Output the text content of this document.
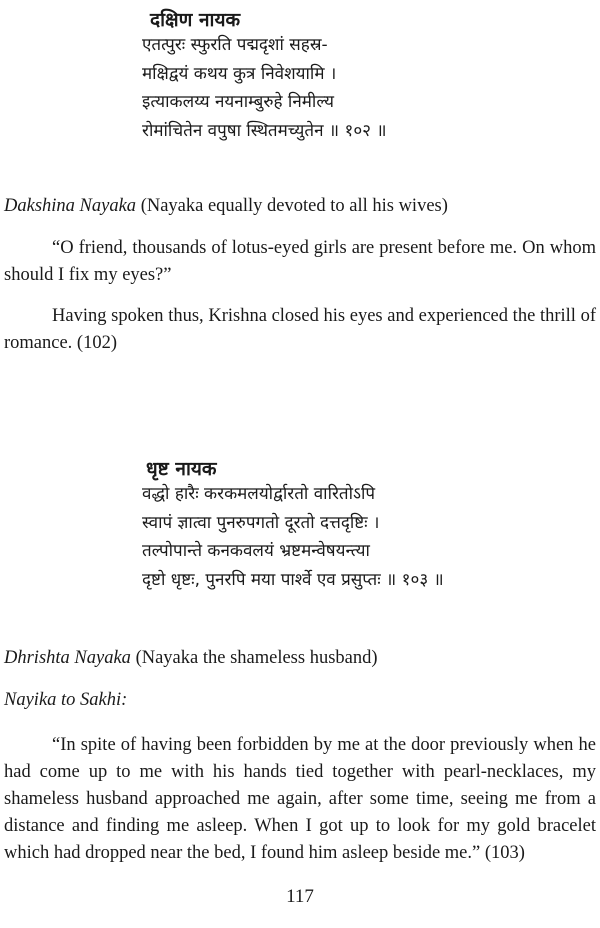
दक्षिण नायक
एतत्पुरः स्फुरति पद्मदृशां सहस्र-
मक्षिद्वयं कथय कुत्र निवेशयामि ।
इत्याकलय्य नयनाम्बुरुहे निमील्य
रोमांचितेन वपुषा स्थितमच्युतेन ॥ १०२ ॥
Dakshina Nayaka (Nayaka equally devoted to all his wives)
“O friend, thousands of lotus-eyed girls are present before me. On whom should I fix my eyes?”
Having spoken thus, Krishna closed his eyes and experienced the thrill of romance. (102)
धृष्ट नायक
वद्धो हारैः करकमलयोर्द्वारतो वारितोऽपि
स्वापं ज्ञात्वा पुनरुपगतो दूरतो दत्तदृष्टिः ।
तल्पोपान्ते कनकवलयं भ्रष्टमन्वेषयन्त्या
दृष्टो धृष्टः, पुनरपि मया पार्श्वे एव प्रसुप्तः ॥ १०३ ॥
Dhrishta Nayaka (Nayaka the shameless husband)
Nayika to Sakhi:
“In spite of having been forbidden by me at the door previously when he had come up to me with his hands tied together with pearl-necklaces, my shameless husband approached me again, after some time, seeing me from a distance and finding me asleep. When I got up to look for my gold bracelet which had dropped near the bed, I found him asleep beside me.” (103)
117
